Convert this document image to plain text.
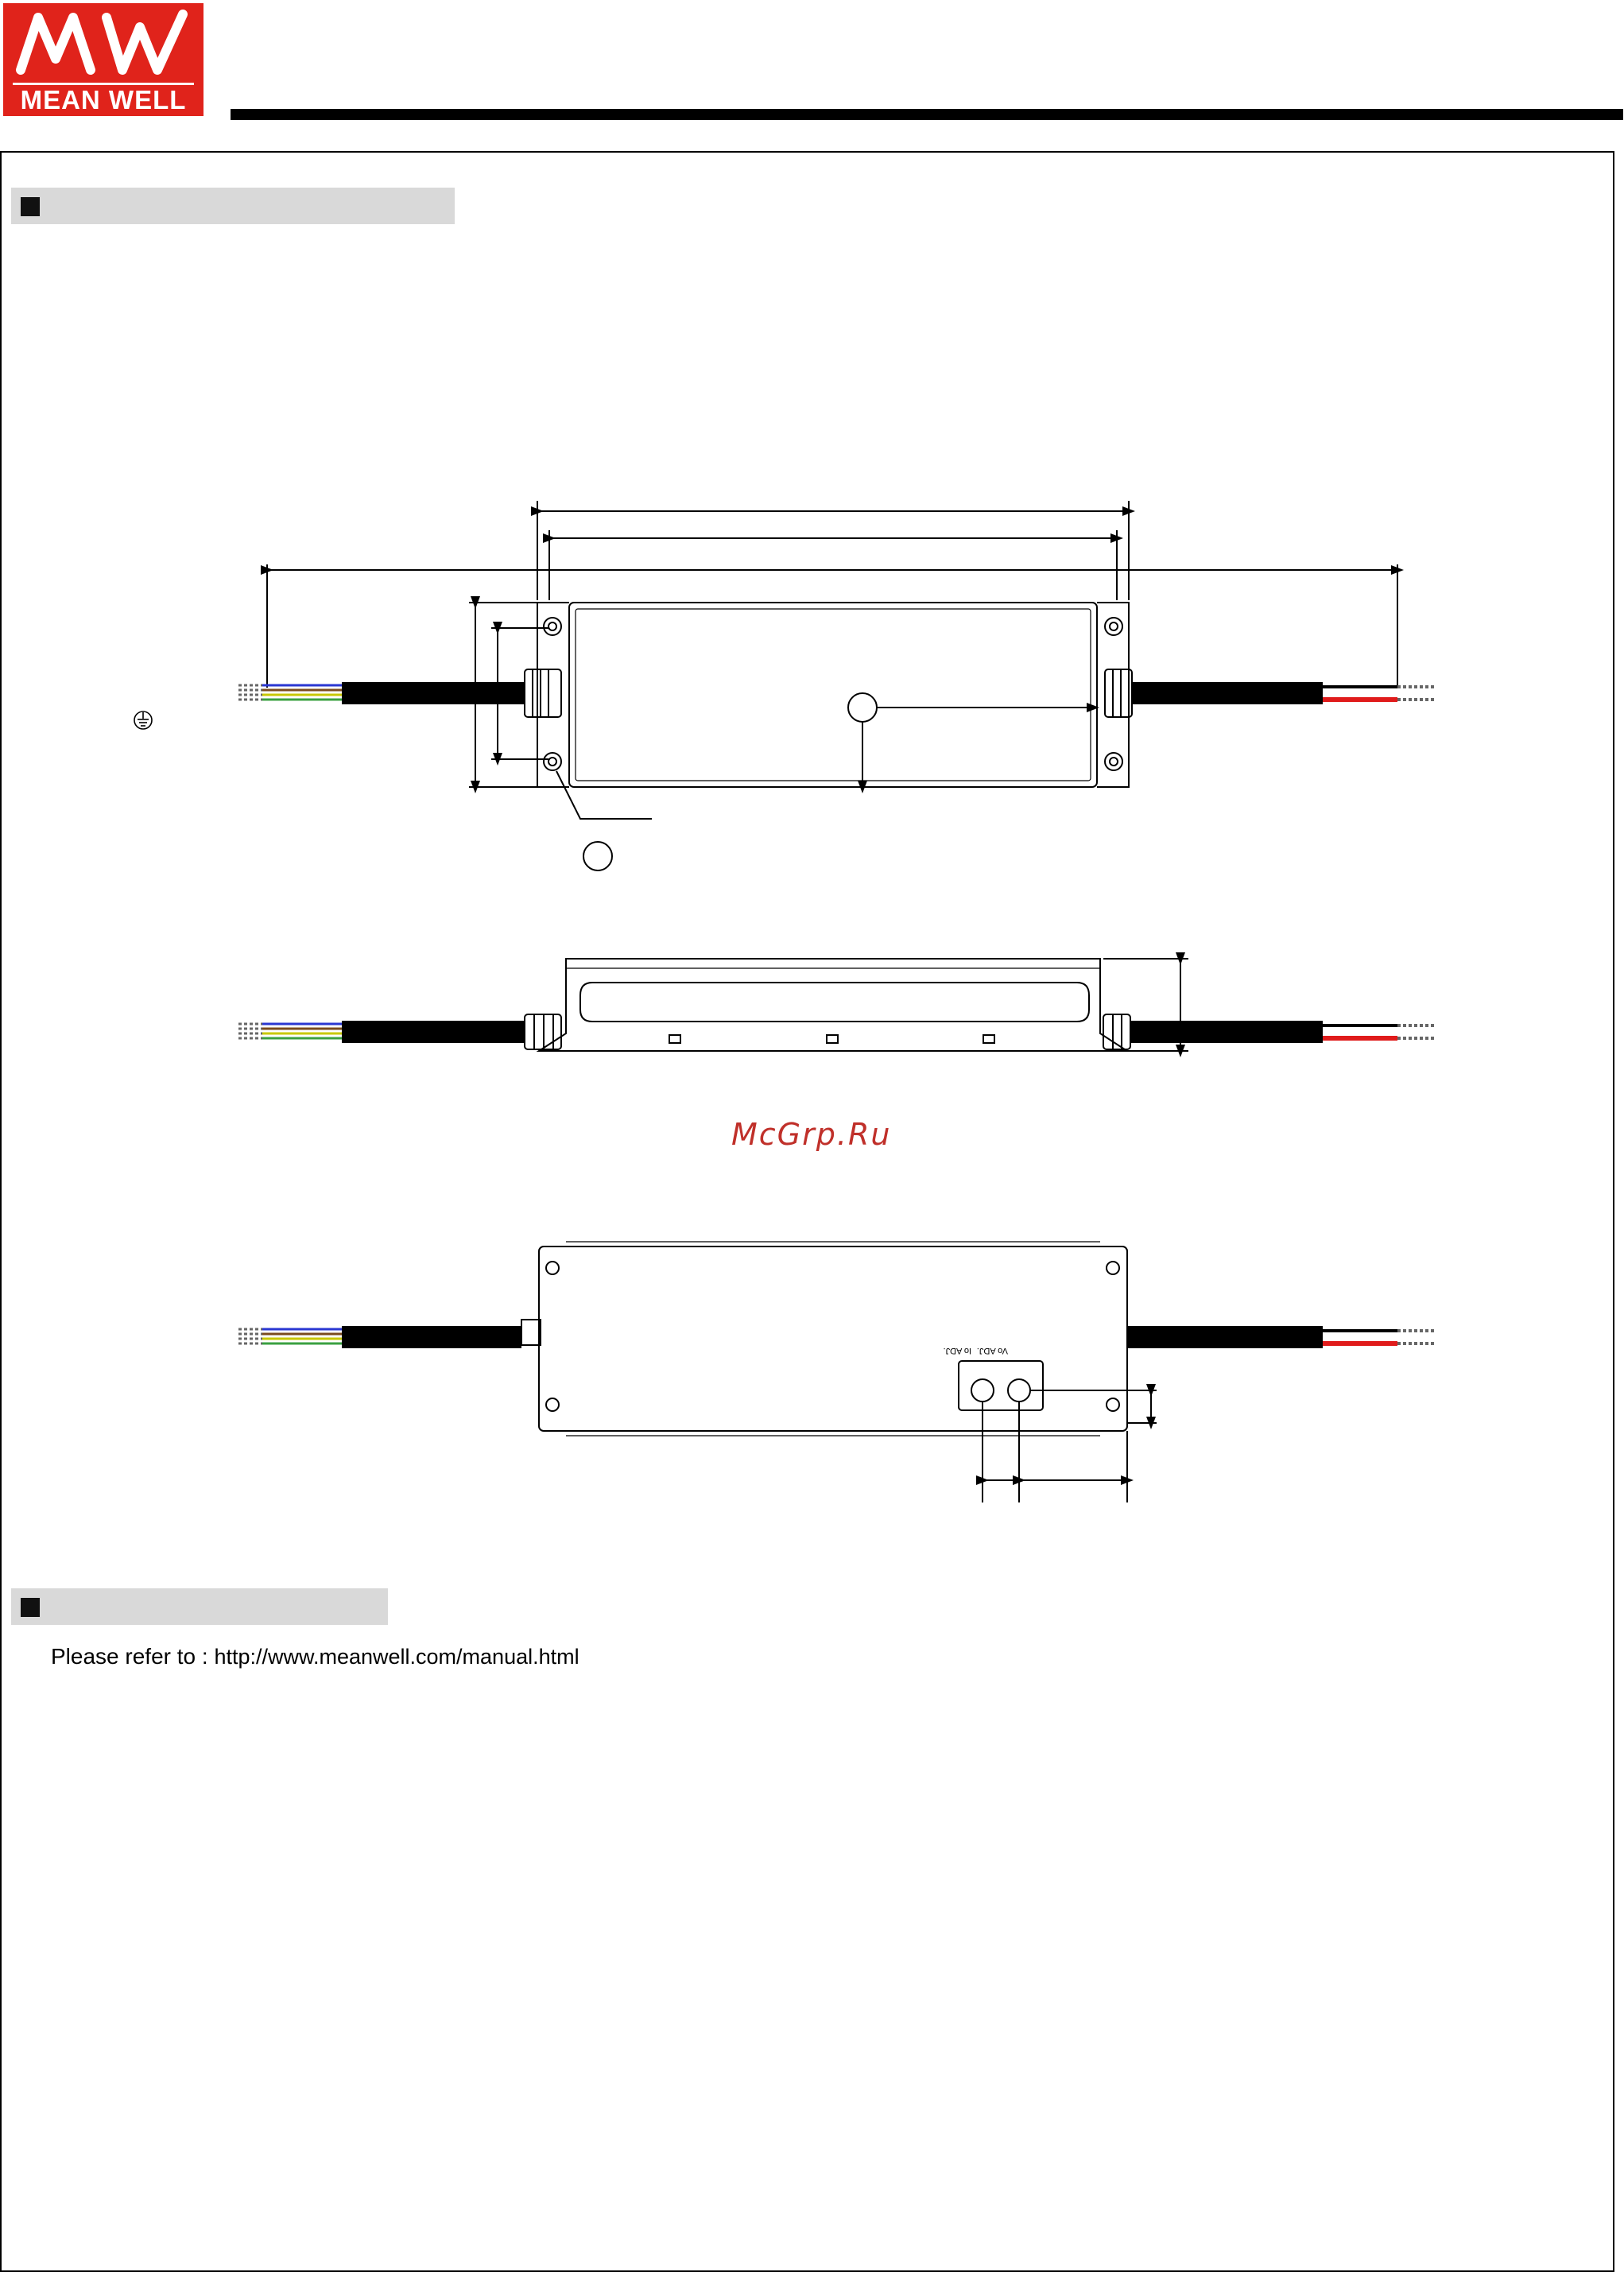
MEAN WELL
Io ADJ. Vo ADJ.
McGrp.Ru
Please refer to : http://www.meanwell.com/manual.html
